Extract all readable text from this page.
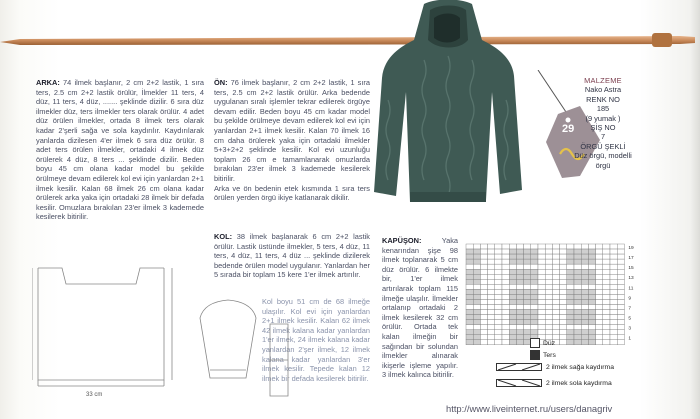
29
MALZEME
Nako Astra
RENK NO
185
(9 yumak )
ŞİŞ NO
7
ÖRGÜ ŞEKLİ
Düz örgü, modelli örgü

ARKA: 74 ilmek başlanır, 2 cm 2+2 lastik, 1 sıra ters, 2.5 cm 2+2 lastik örülür, İlmekler 11 ters, 4 düz, 11 ters, 4 düz, ....... şeklinde dizilir. 6 sıra düz ilmekler düz, ters ilmekler ters olarak örülür. 4 adet düz örülen ilmekler, ortada 8 ilmek ters olarak kadar 2'şerli sağa ve sola kaydırılır. Kaydırılarak yanlarda dizilesen 4'er ilmek 6 sıra düz örülür. 8 adet ters örülen ilmekler, ortadaki 4 ilmek düz örülerek 4 düz, 8 ters ... şeklinde dizilir. Beden boyu 45 cm olana kadar model bu şekilde örülmeye devam edilerek kol evi için yanlardan 2+1 ilmek kesilir. Kalan 68 ilmek 26 cm olana kadar örülerek arka yaka için ortadaki 28 ilmek bir defada kesilir. Omuzlara bırakılan 23'er ilmek 3 kademede kesilerek bitirilir.

ÖN: 76 ilmek başlanır, 2 cm 2+2 lastik, 1 sıra ters, 2.5 cm 2+2 lastik örülür. Arka bedende uygulanan sıralı işlemler tekrar edilerek örgüye devam edilir. Beden boyu 45 cm kadar model bu şekilde örülmeye devam edilerek kol evi için yanlardan 2+1 ilmek kesilir. Kalan 70 ilmek 16 cm daha örülerek yaka için ortadaki ilmekler 5+3+2+2 şeklinde kesilir. Kol evi uzunluğu toplam 26 cm e tamamlanarak omuzlarda bırakılan 23'er ilmek 3 kademede kesilerek bitirilir.

Arka ve ön bedenin etek kısmında 1 sıra ters örülen yerden örgü ikiye katlanarak dikilir.

KOL: 38 ilmek başlanarak 6 cm 2+2 lastik örülür. Lastik üstünde ilmekler, 5 ters, 4 düz, 11 ters, 4 düz, 11 ters, 4 düz ... şeklinde dizilerek bedende örülen model uygulanır. Yanlardan her 5 sırada bir toplam 15 kere 1'er ilmek artırılır.

Kol boyu 51 cm de 68 ilmeğe ulaşılır. Kol evi için yanlardan 2+1 ilmek kesilir. Kalan 62 ilmek 42 ilmek kalana kadar yanlardan 1'er ilmek, 24 ilmek kalana kadar yanlardan 2'şer ilmek, 12 ilmek kalana kadar yanlardan 3'er ilmek kesilir. Tepede kalan 12 ilmek bir defada kesilerek bitirilir.

KAPÜŞON:	Yaka kenarından şişe 98 ilmek toplanarak 5 cm düz örülür. 6 ilmekte bir, 1'er ilmek artırılarak toplam 115 ilmeğe ulaşılır. İlmekler ortalanıp ortadaki 2 ilmek kesilerek 32 cm örülür. Ortada tek kalan ilmeğin bir sağından bir solundan ilmekler alınarak ikişerle işleme yapılır. 3 ilmek kalınca bitirilir.

33 cm
19
17
15
13
11
9
7
5
3
1
Düz
Ters
2 ilmek sağa kaydırma
2 ilmek sola kaydırma
http://www.liveinternet.ru/users/danagriv
